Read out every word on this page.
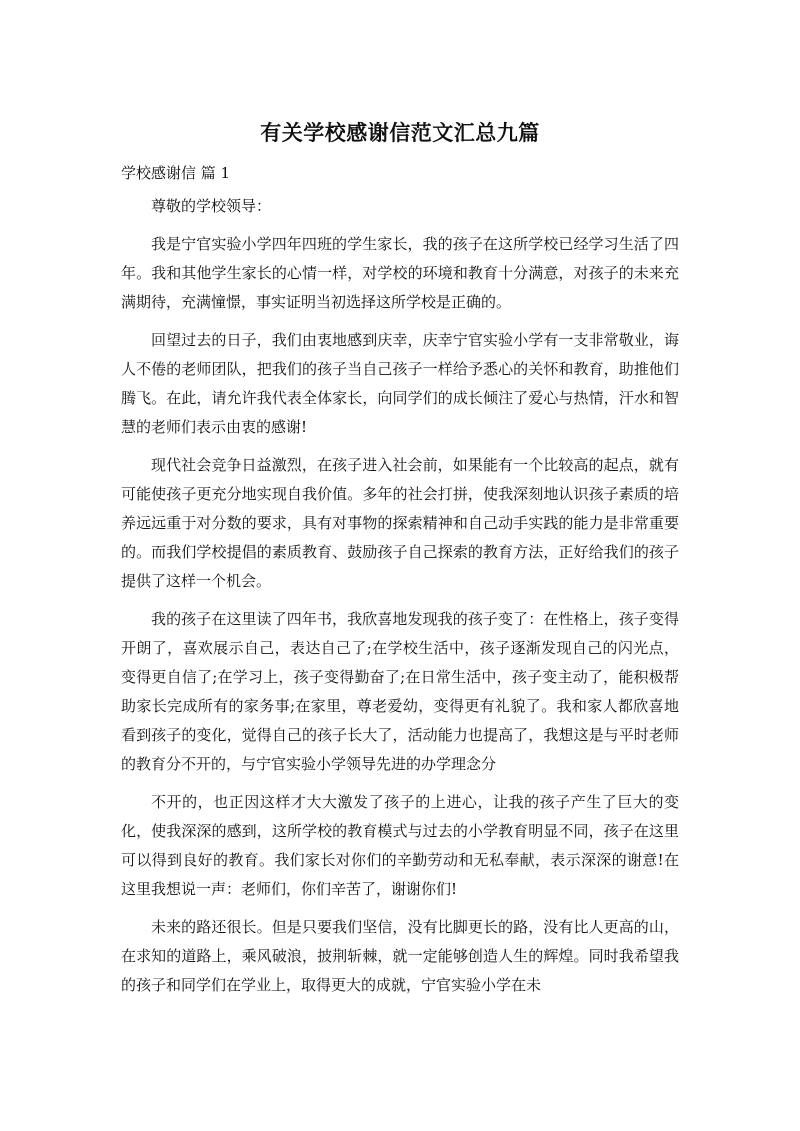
有关学校感谢信范文汇总九篇
学校感谢信 篇 1

尊敬的学校领导：

我是宁官实验小学四年四班的学生家长，我的孩子在这所学校已经学习生活了四年。我和其他学生家长的心情一样，对学校的环境和教育十分满意，对孩子的未来充满期待，充满憧憬，事实证明当初选择这所学校是正确的。

回望过去的日子，我们由衷地感到庆幸，庆幸宁官实验小学有一支非常敬业，诲人不倦的老师团队，把我们的孩子当自己孩子一样给予悉心的关怀和教育，助推他们腾飞。在此，请允许我代表全体家长，向同学们的成长倾注了爱心与热情，汗水和智慧的老师们表示由衷的感谢!

现代社会竞争日益激烈，在孩子进入社会前，如果能有一个比较高的起点，就有可能使孩子更充分地实现自我价值。多年的社会打拼，使我深刻地认识孩子素质的培养远远重于对分数的要求，具有对事物的探索精神和自己动手实践的能力是非常重要的。而我们学校提倡的素质教育、鼓励孩子自己探索的教育方法，正好给我们的孩子提供了这样一个机会。

我的孩子在这里读了四年书，我欣喜地发现我的孩子变了：在性格上，孩子变得开朗了，喜欢展示自己，表达自己了;在学校生活中，孩子逐渐发现自己的闪光点，变得更自信了;在学习上，孩子变得勤奋了;在日常生活中，孩子变主动了，能积极帮助家长完成所有的家务事;在家里，尊老爱幼，变得更有礼貌了。我和家人都欣喜地看到孩子的变化，觉得自己的孩子长大了，活动能力也提高了，我想这是与平时老师的教育分不开的，与宁官实验小学领导先进的办学理念分

不开的，也正因这样才大大激发了孩子的上进心，让我的孩子产生了巨大的变化，使我深深的感到，这所学校的教育模式与过去的小学教育明显不同，孩子在这里可以得到良好的教育。我们家长对你们的辛勤劳动和无私奉献，表示深深的谢意!在这里我想说一声：老师们，你们辛苦了，谢谢你们!

未来的路还很长。但是只要我们坚信，没有比脚更长的路，没有比人更高的山，在求知的道路上，乘风破浪，披荆斩棘，就一定能够创造人生的辉煌。同时我希望我的孩子和同学们在学业上，取得更大的成就，宁官实验小学在未
